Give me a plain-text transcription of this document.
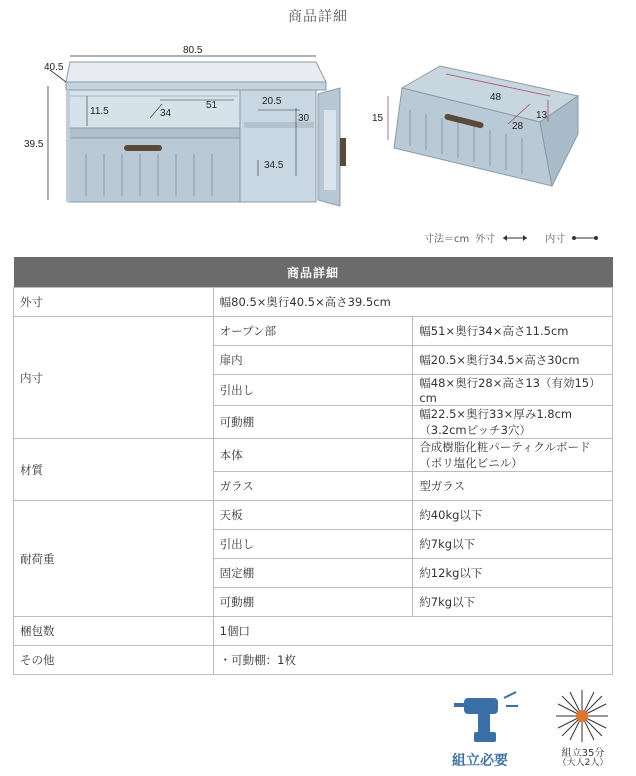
商品詳細
80.5
40.5
39.5
11.5
51
34
20.5
30
34.5
48
13
28
15
寸法＝cm 外寸	内寸
商品詳細		
外寸	幅80.5×奥行40.5×高さ39.5cm	
内寸	オープン部	幅51×奥行34×高さ11.5cm
	扉内	幅20.5×奥行34.5×高さ30cm
	引出し	幅48×奥行28×高さ13（有効15）cm
	可動棚	幅22.5×奥行33×厚み1.8cm（3.2cmピッチ3穴）
材質	本体	合成樹脂化粧パーティクルボード（ポリ塩化ビニル）
	ガラス	型ガラス
耐荷重	天板	約40kg以下
	引出し	約7kg以下
	固定棚	約12kg以下
	可動棚	約7kg以下
梱包数	1個口	
その他	・可動棚：1枚	
組立必要	組立35分
（大人2人）
